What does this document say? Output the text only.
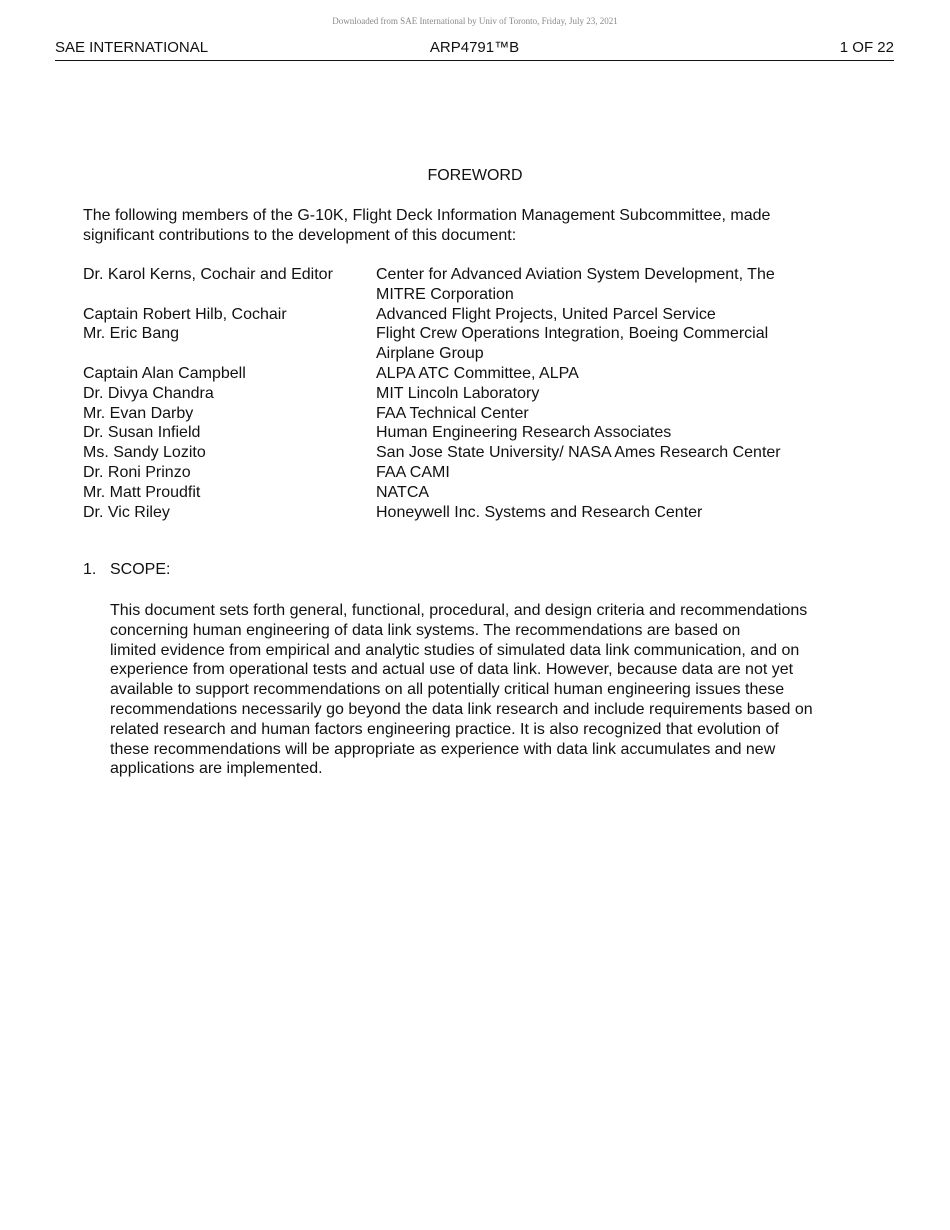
Downloaded from SAE International by Univ of Toronto, Friday, July 23, 2021
ARP4791™B
SAE INTERNATIONAL	1 OF 22
FOREWORD

The following members of the G-10K, Flight Deck Information Management Subcommittee, made
significant contributions to the development of this document:

Dr. Karol Kerns, Cochair and Editor	Center for Advanced Aviation System Development, The
MITRE Corporation
Captain Robert Hilb, Cochair	Advanced Flight Projects, United Parcel Service
Mr. Eric Bang	Flight Crew Operations Integration, Boeing Commercial
Airplane Group
Captain Alan Campbell	ALPA ATC Committee, ALPA
Dr. Divya Chandra	MIT Lincoln Laboratory
Mr. Evan Darby	FAA Technical Center
Dr. Susan Infield	Human Engineering Research Associates
Ms. Sandy Lozito	San Jose State University/ NASA Ames Research Center
Dr. Roni Prinzo	FAA CAMI
Mr. Matt Proudfit	NATCA
Dr. Vic Riley	Honeywell Inc. Systems and Research Center
1. SCOPE:

This document sets forth general, functional, procedural, and design criteria and recommendations
concerning human engineering of data link systems. The recommendations are based on
limited evidence from empirical and analytic studies of simulated data link communication, and on
experience from operational tests and actual use of data link. However, because data are not yet
available to support recommendations on all potentially critical human engineering issues these
recommendations necessarily go beyond the data link research and include requirements based on
related research and human factors engineering practice. It is also recognized that evolution of
these recommendations will be appropriate as experience with data link accumulates and new
applications are implemented.
